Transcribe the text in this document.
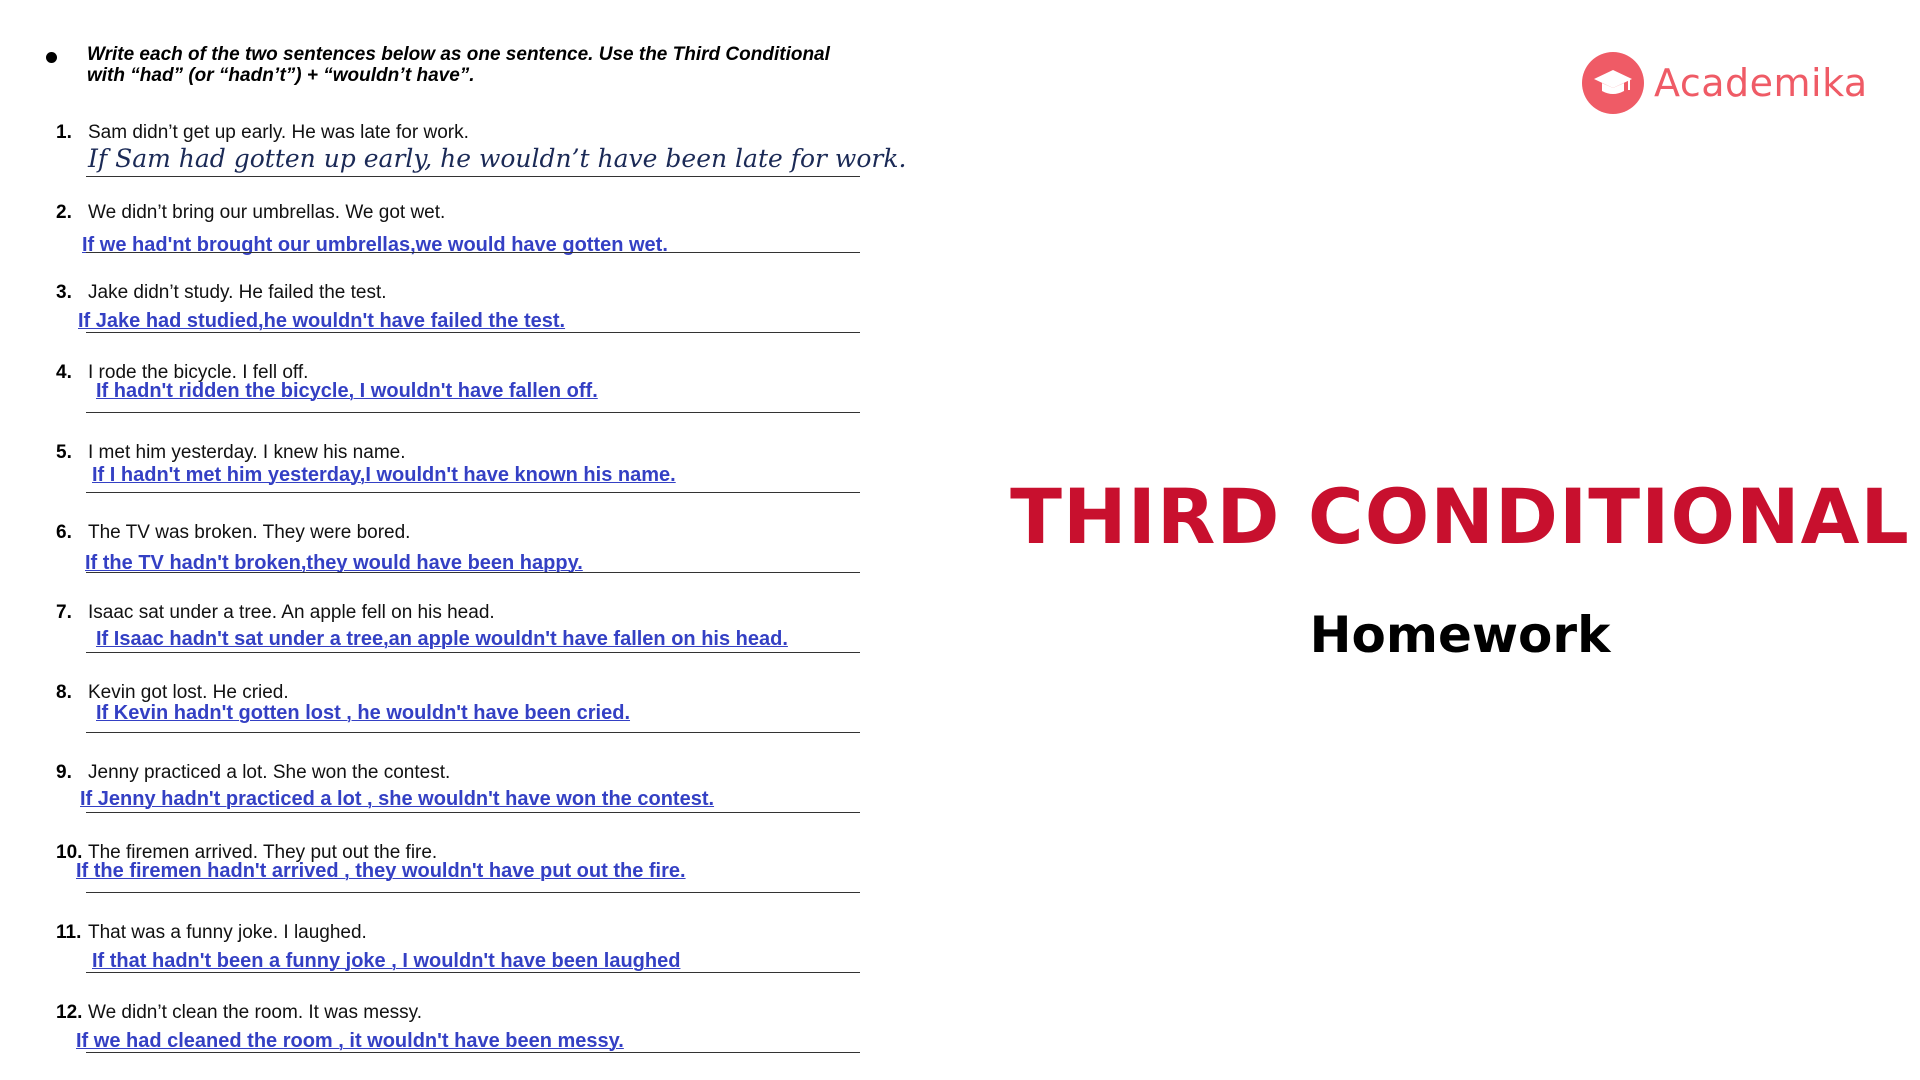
Write each of the two sentences below as one sentence. Use the Third Conditional with “had” (or “hadn’t”) + “wouldn’t have”.
1. Sam didn’t get up early. He was late for work.
If Sam had gotten up early, he wouldn’t have been late for work.
2. We didn’t bring our umbrellas. We got wet.
If we had'nt brought our umbrellas,we would have gotten wet.
3. Jake didn’t study. He failed the test.
If Jake had studied,he wouldn't have failed the test.
4. I rode the bicycle. I fell off.
If hadn't ridden the bicycle, I wouldn't have fallen off.
5. I met him yesterday. I knew his name.
If I hadn't met him yesterday,I wouldn't have known his name.
6. The TV was broken. They were bored.
If the TV hadn't broken,they would have been happy.
7. Isaac sat under a tree. An apple fell on his head.
If Isaac hadn't sat under a tree,an apple wouldn't have fallen on his head.
8. Kevin got lost. He cried.
If Kevin hadn't gotten lost , he wouldn't have been cried.
9. Jenny practiced a lot. She won the contest.
If Jenny hadn't practiced a lot , she wouldn't have won the contest.
10. The firemen arrived. They put out the fire.
If the firemen hadn't arrived , they wouldn't have put out the fire.
11. That was a funny joke. I laughed.
If that hadn't been a funny joke , I wouldn't have been laughed
12. We didn’t clean the room. It was messy.
If we had cleaned the room , it wouldn't have been messy.
Academika
THIRD CONDITIONAL
Homework
